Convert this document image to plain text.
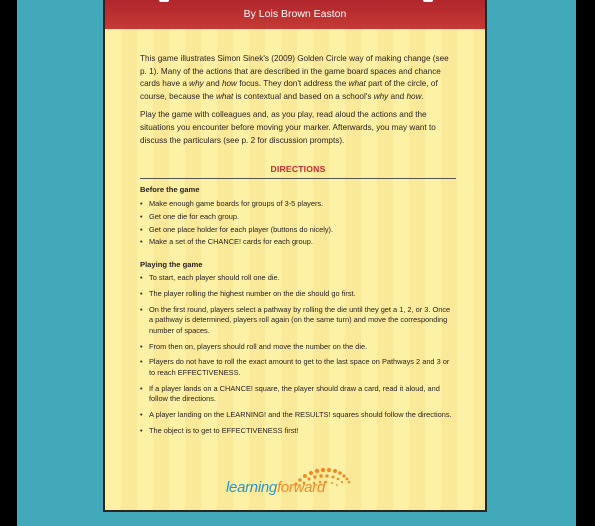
By Lois Brown Easton

This game illustrates Simon Sinek's (2009) Golden Circle way of making change (see p. 1). Many of the actions that are described in the game board spaces and chance cards have a why and how focus. They don't address the what part of the circle, of course, because the what is contextual and based on a school's why and how.

Play the game with colleagues and, as you play, read aloud the actions and the situations you encounter before moving your marker. Afterwards, you may want to discuss the particulars (see p. 2 for discussion prompts).

DIRECTIONS
Before the game
• Make enough game boards for groups of 3-5 players.
• Get one die for each group.
• Get one place holder for each player (buttons do nicely).
• Make a set of the CHANCE! cards for each group.
Playing the game
• To start, each player should roll one die.
• The player rolling the highest number on the die should go first.
• On the first round, players select a pathway by rolling the die until they get a 1, 2, or 3. Once a pathway is determined, players roll again (on the same turn) and move the corresponding number of spaces.
• From then on, players should roll and move the number on the die.
• Players do not have to roll the exact amount to get to the last space on Pathways 2 and 3 or to reach EFFECTIVENESS.
• If a player lands on a CHANCE! square, the player should draw a card, read it aloud, and follow the directions.
• A player landing on the LEARNING! and the RESULTS! squares should follow the directions.
• The object is to get to EFFECTIVENESS first!
learningforward
